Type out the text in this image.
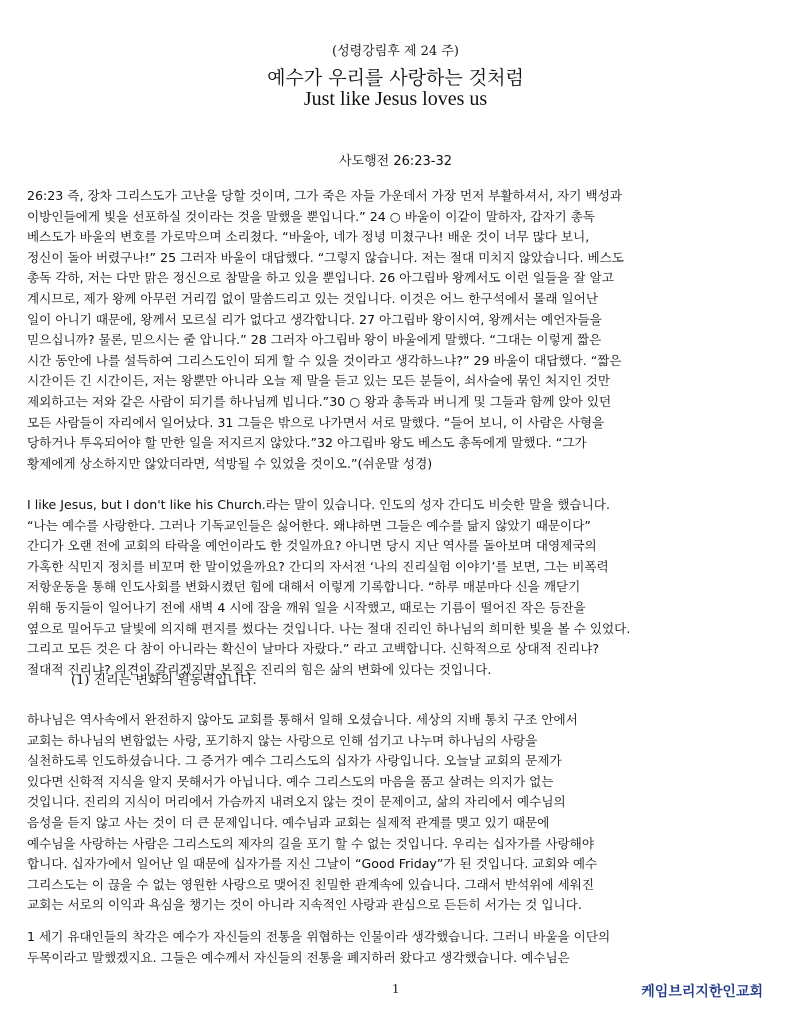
(성령강림후 제 24 주)
예수가 우리를 사랑하는 것처럼
Just like Jesus loves us
사도행전 26:23-32
26:23 즉, 장차 그리스도가 고난을 당할 것이며, 그가 죽은 자들 가운데서 가장 먼저 부활하셔서, 자기 백성과
이방인들에게 빛을 선포하실 것이라는 것을 말했을 뿐입니다.” 24 ○ 바울이 이같이 말하자, 갑자기 총독
베스도가 바울의 변호를 가로막으며 소리쳤다. “바울아, 네가 정녕 미쳤구나! 배운 것이 너무 많다 보니,
정신이 돌아 버렸구나!” 25 그러자 바울이 대답했다. “그렇지 않습니다. 저는 절대 미치지 않았습니다. 베스도
총독 각하, 저는 다만 맑은 정신으로 참말을 하고 있을 뿐입니다. 26 아그립바 왕께서도 이런 일들을 잘 알고
계시므로, 제가 왕께 아무런 거리낌 없이 말씀드리고 있는 것입니다. 이것은 어느 한구석에서 몰래 일어난
일이 아니기 때문에, 왕께서 모르실 리가 없다고 생각합니다. 27 아그립바 왕이시여, 왕께서는 예언자들을
믿으십니까? 물론, 믿으시는 줄 압니다.” 28 그러자 아그립바 왕이 바울에게 말했다. “그대는 이렇게 짧은
시간 동안에 나를 설득하여 그리스도인이 되게 할 수 있을 것이라고 생각하느냐?” 29 바울이 대답했다. “짧은
시간이든 긴 시간이든, 저는 왕뿐만 아니라 오늘 제 말을 듣고 있는 모든 분들이, 쇠사슬에 묶인 처지인 것만
제외하고는 저와 같은 사람이 되기를 하나님께 빕니다.”30 ○ 왕과 총독과 버니게 및 그들과 함께 앉아 있던
모든 사람들이 자리에서 일어났다. 31 그들은 밖으로 나가면서 서로 말했다. “들어 보니, 이 사람은 사형을
당하거나 투옥되어야 할 만한 일을 저지르지 않았다.”32 아그립바 왕도 베스도 총독에게 말했다. “그가
황제에게 상소하지만 않았더라면, 석방될 수 있었을 것이오.”(쉬운말 성경)
I like Jesus, but I don't like his Church.라는 말이 있습니다. 인도의 성자 간디도 비슷한 말을 했습니다.
“나는 예수를 사랑한다. 그러나 기독교인들은 싫어한다. 왜냐하면 그들은 예수를 닮지 않았기 때문이다”
간디가 오랜 전에 교회의 타락을 예언이라도 한 것일까요? 아니면 당시 지난 역사를 돌아보며 대영제국의
가혹한 식민지 정치를 비꼬며 한 말이었을까요? 간디의 자서전 ‘나의 진리실험 이야기’를 보면, 그는 비폭력
저항운동을 통해 인도사회를 변화시켰던 힘에 대해서 이렇게 기록합니다. “하루 매분마다 신을 깨닫기
위해 동지들이 일어나기 전에 새벽 4 시에 잠을 깨워 일을 시작했고, 때로는 기름이 떨어진 작은 등잔을
옆으로 밀어두고 달빛에 의지해 편지를 썼다는 것입니다. 나는 절대 진리인 하나님의 희미한 빛을 볼 수 있었다.
그리고 모든 것은 다 참이 아니라는 확신이 날마다 자랐다.” 라고 고백합니다. 신학적으로 상대적 진리냐?
절대적 진리냐? 의견이 갈리겠지만 본질은 진리의 힘은 삶의 변화에 있다는 것입니다.
(1) 진리는 변화의 원동력입니다.
하나님은 역사속에서 완전하지 않아도 교회를 통해서 일해 오셨습니다. 세상의 지배 통치 구조 안에서
교회는 하나님의 변함없는 사랑, 포기하지 않는 사랑으로 인해 섬기고 나누며 하나님의 사랑을
실천하도록 인도하셨습니다. 그 증거가 예수 그리스도의 십자가 사랑입니다. 오늘날 교회의 문제가
있다면 신학적 지식을 알지 못해서가 아닙니다. 예수 그리스도의 마음을 품고 살려는 의지가 없는
것입니다. 진리의 지식이 머리에서 가슴까지 내려오지 않는 것이 문제이고, 삶의 자리에서 예수님의
음성을 듣지 않고 사는 것이 더 큰 문제입니다. 예수님과 교회는 실제적 관계를 맺고 있기 때문에
예수님을 사랑하는 사람은 그리스도의 제자의 길을 포기 할 수 없는 것입니다. 우리는 십자가를 사랑해야
합니다. 십자가에서 일어난 일 때문에 십자가를 지신 그날이 “Good Friday”가 된 것입니다. 교회와 예수
그리스도는 이 끊을 수 없는 영원한 사랑으로 맺어진 친밀한 관계속에 있습니다. 그래서 반석위에 세워진
교회는 서로의 이익과 욕심을 챙기는 것이 아니라 지속적인 사랑과 관심으로 든든히 서가는 것 입니다.
1 세기 유대인들의 착각은 예수가 자신들의 전통을 위협하는 인물이라 생각했습니다. 그러니 바울을 이단의
두목이라고 말했겠지요. 그들은 예수께서 자신들의 전통을 폐지하러 왔다고 생각했습니다. 예수님은
1	케임브리지한인교회
